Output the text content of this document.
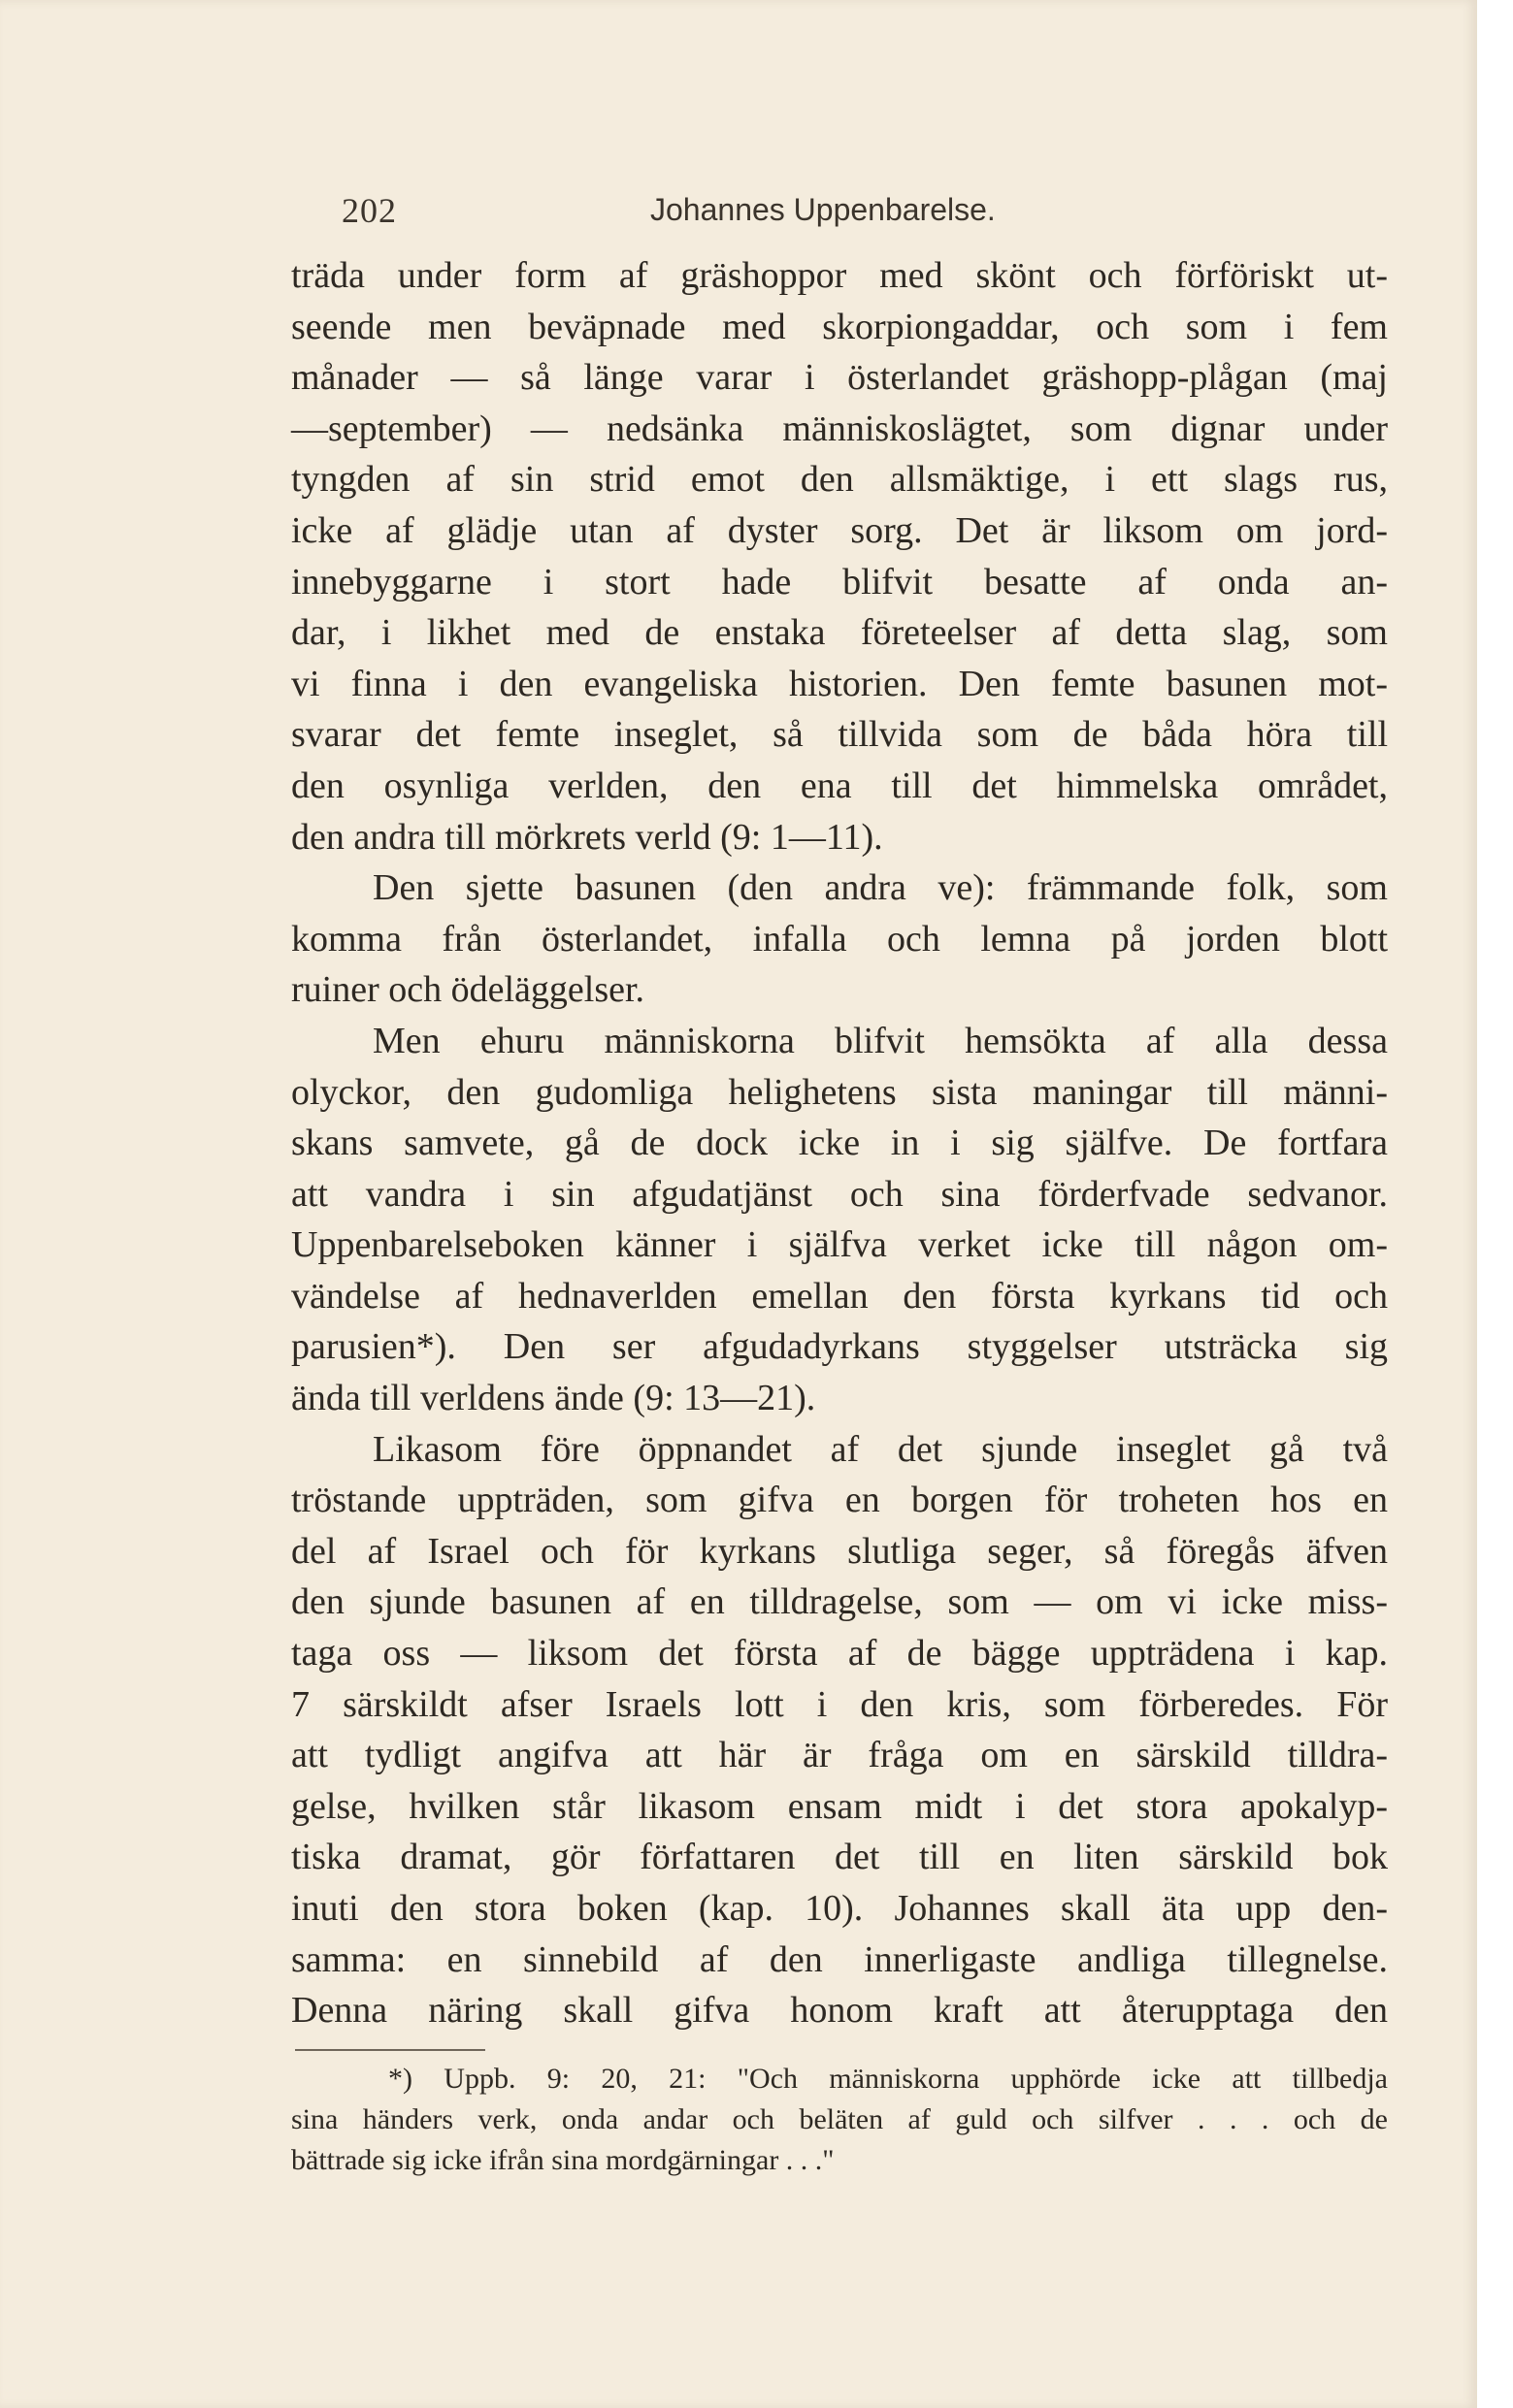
202	Johannes Uppenbarelse.
träda under form af gräshoppor med skönt och förföriskt ut-
seende men beväpnade med skorpiongaddar, och som i fem
månader — så länge varar i österlandet gräshopp-plågan (maj
—september) — nedsänka människoslägtet, som dignar under
tyngden af sin strid emot den allsmäktige, i ett slags rus,
icke af glädje utan af dyster sorg. Det är liksom om jord-
innebyggarne i stort hade blifvit besatte af onda an-
dar, i likhet med de enstaka företeelser af detta slag, som
vi finna i den evangeliska historien. Den femte basunen mot-
svarar det femte inseglet, så tillvida som de båda höra till
den osynliga verlden, den ena till det himmelska området,
den andra till mörkrets verld (9: 1—11).
Den sjette basunen (den andra ve): främmande folk, som
komma från österlandet, infalla och lemna på jorden blott
ruiner och ödeläggelser.
Men ehuru människorna blifvit hemsökta af alla dessa
olyckor, den gudomliga helighetens sista maningar till männi-
skans samvete, gå de dock icke in i sig själfve. De fortfara
att vandra i sin afgudatjänst och sina förderfvade sedvanor.
Uppenbarelseboken känner i själfva verket icke till någon om-
vändelse af hednaverlden emellan den första kyrkans tid och
parusien*). Den ser afgudadyrkans styggelser utsträcka sig
ända till verldens ände (9: 13—21).
Likasom före öppnandet af det sjunde inseglet gå två
tröstande uppträden, som gifva en borgen för troheten hos en
del af Israel och för kyrkans slutliga seger, så föregås äfven
den sjunde basunen af en tilldragelse, som — om vi icke miss-
taga oss — liksom det första af de bägge uppträdena i kap.
7 särskildt afser Israels lott i den kris, som förberedes. För
att tydligt angifva att här är fråga om en särskild tilldra-
gelse, hvilken står likasom ensam midt i det stora apokalyp-
tiska dramat, gör författaren det till en liten särskild bok
inuti den stora boken (kap. 10). Johannes skall äta upp den-
samma: en sinnebild af den innerligaste andliga tillegnelse.
Denna näring skall gifva honom kraft att återupptaga den
*) Uppb. 9: 20, 21: "Och människorna upphörde icke att tillbedja
sina händers verk, onda andar och beläten af guld och silfver . . . och de
bättrade sig icke ifrån sina mordgärningar . . ."
